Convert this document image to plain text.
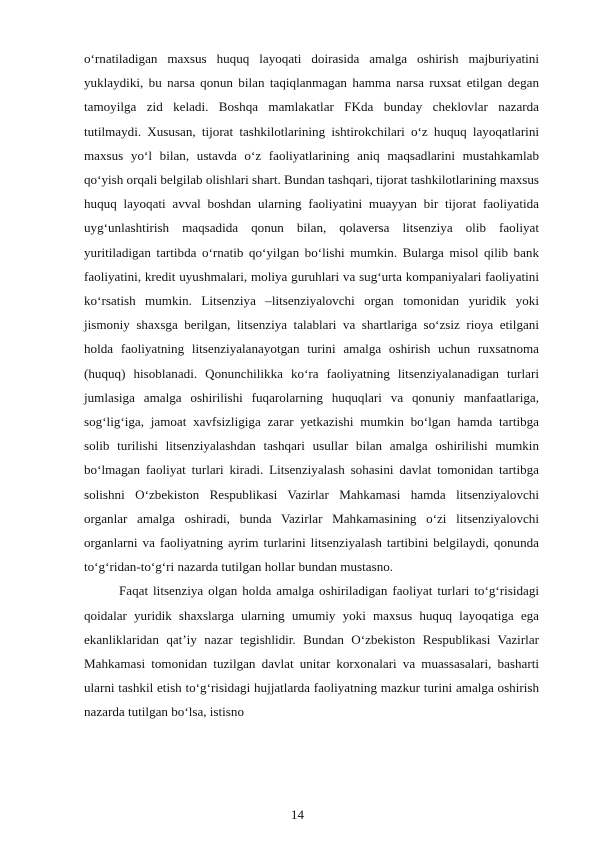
o‘rnatiladigan maxsus huquq layoqati doirasida amalga oshirish majburiyatini yuklaydiki, bu narsa qonun bilan taqiqlanmagan hamma narsa ruxsat etilgan degan tamoyilga zid keladi. Boshqa mamlakatlar FKda bunday cheklovlar nazarda tutilmaydi. Xususan, tijorat tashkilotlarining ishtirokchilari o‘z huquq layoqatlarini maxsus yo‘l bilan, ustavda o‘z faoliyatlarining aniq maqsadlarini mustahkamlab qo‘yish orqali belgilab olishlari shart. Bundan tashqari, tijorat tashkilotlarining maxsus huquq layoqati avval boshdan ularning faoliyatini muayyan bir tijorat faoliyatida uyg‘unlashtirish maqsadida qonun bilan, qolaversa litsenziya olib faoliyat yuritiladigan tartibda o‘rnatib qo‘yilgan bo‘lishi mumkin. Bularga misol qilib bank faoliyatini, kredit uyushmalari, moliya guruhlari va sug‘urta kompaniyalari faoliyatini ko‘rsatish mumkin. Litsenziya –litsenziyalovchi organ tomonidan yuridik yoki jismoniy shaxsga berilgan, litsenziya talablari va shartlariga so‘zsiz rioya etilgani holda faoliyatning litsenziyalanayotgan turini amalga oshirish uchun ruxsatnoma (huquq) hisoblanadi. Qonunchilikka ko‘ra faoliyatning litsenziyalanadigan turlari jumlasiga amalga oshirilishi fuqarolarning huquqlari va qonuniy manfaatlariga, sog‘lig‘iga, jamoat xavfsizligiga zarar yetkazishi mumkin bo‘lgan hamda tartibga solib turilishi litsenziyalashdan tashqari usullar bilan amalga oshirilishi mumkin bo‘lmagan faoliyat turlari kiradi. Litsenziyalash sohasini davlat tomonidan tartibga solishni O‘zbekiston Respublikasi Vazirlar Mahkamasi hamda litsenziyalovchi organlar amalga oshiradi, bunda Vazirlar Mahkamasining o‘zi litsenziyalovchi organlarni va faoliyatning ayrim turlarini litsenziyalash tartibini belgilaydi, qonunda to‘g‘ridan-to‘g‘ri nazarda tutilgan hollar bundan mustasno.

Faqat litsenziya olgan holda amalga oshiriladigan faoliyat turlari to‘g‘risidagi qoidalar yuridik shaxslarga ularning umumiy yoki maxsus huquq layoqatiga ega ekanliklaridan qat’iy nazar tegishlidir. Bundan O‘zbekiston Respublikasi Vazirlar Mahkamasi tomonidan tuzilgan davlat unitar korxonalari va muassasalari, basharti ularni tashkil etish to‘g‘risidagi hujjatlarda faoliyatning mazkur turini amalga oshirish nazarda tutilgan bo‘lsa, istisno

14
